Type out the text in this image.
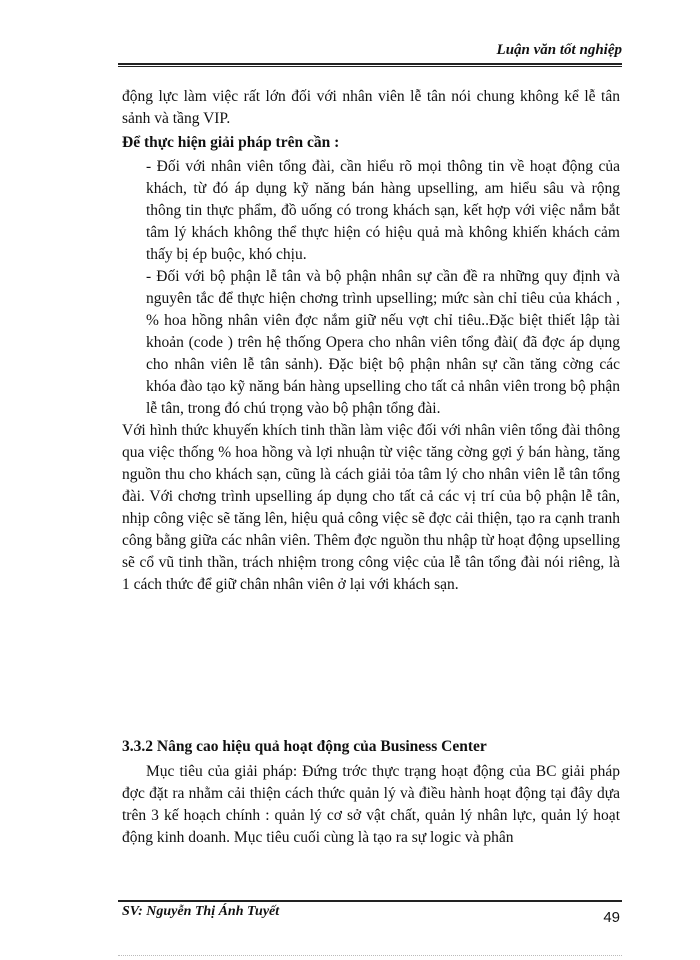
Luận văn tốt nghiệp

động lực làm việc rất lớn đối với nhân viên lễ tân nói chung không kể lễ tân sảnh và tầng VIP.

Để thực hiện giải pháp trên cần :

- Đối với nhân viên tổng đài, cần hiểu rõ mọi thông tin về hoạt động của khách, từ đó áp dụng kỹ năng bán hàng upselling, am hiểu sâu và rộng thông tin thực phẩm, đồ uống có trong khách sạn, kết hợp với việc nắm bắt tâm lý khách không thể thực hiện có hiệu quả mà không khiến khách cảm thấy bị ép buộc, khó chịu.

- Đối với bộ phận lễ tân và bộ phận nhân sự cần đề ra những quy định và nguyên tắc để thực hiện chơng trình upselling; mức sàn chỉ tiêu của khách , % hoa hồng nhân viên đợc nắm giữ nếu vợt chỉ tiêu..Đặc biệt thiết lập tài khoản (code ) trên hệ thống Opera cho nhân viên tổng đài( đã đợc áp dụng cho nhân viên lễ tân sảnh). Đặc biệt bộ phận nhân sự cần tăng cờng các khóa đào tạo kỹ năng bán hàng upselling cho tất cả nhân viên trong bộ phận lễ tân, trong đó chú trọng vào bộ phận tổng đài.

Với hình thức khuyến khích tinh thần làm việc đối với nhân viên tổng đài thông qua việc thống % hoa hồng và lợi nhuận từ việc tăng cờng gợi ý bán hàng, tăng nguồn thu cho khách sạn, cũng là cách giải tỏa tâm lý cho nhân viên lễ tân tổng đài. Với chơng trình upselling áp dụng cho tất cả các vị trí của bộ phận lễ tân, nhịp công việc sẽ tăng lên, hiệu quả công việc sẽ đợc cải thiện, tạo ra cạnh tranh công bằng giữa các nhân viên. Thêm đợc nguồn thu nhập từ hoạt động upselling sẽ cổ vũ tinh thần, trách nhiệm trong công việc của lễ tân tổng đài nói riêng, là 1 cách thức để giữ chân nhân viên ở lại với khách sạn.

3.3.2 Nâng cao hiệu quả hoạt động của Business Center

Mục tiêu của giải pháp: Đứng trớc thực trạng hoạt động của BC giải pháp đợc đặt ra nhằm cải thiện cách thức quản lý và điều hành hoạt động tại đây dựa trên 3 kế hoạch chính : quản lý cơ sở vật chất, quản lý nhân lực, quản lý hoạt động kinh doanh. Mục tiêu cuối cùng là tạo ra sự logic và phân

SV: Nguyễn Thị Ánh Tuyết	49
